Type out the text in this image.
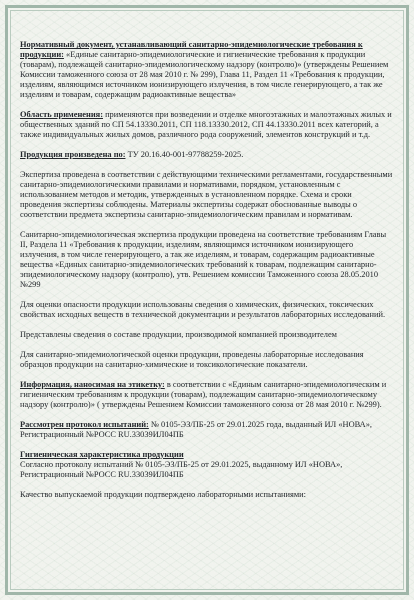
Нормативный документ, устанавливающий санитарно-эпидемиологические требования к продукции: «Единые санитарно-эпидемиологические и гигиенические требования к продукции (товарам), подлежащей санитарно-эпидемиологическому надзору (контролю)» (утверждены Решением Комиссии таможенного союза от 28 мая 2010 г. № 299), Глава 11, Раздел 11 «Требования к продукции, изделиям, являющимся источником ионизирующего излучения, в том числе генерирующего, а так же изделиям и товарам, содержащим радиоактивные вещества»

Область применения: применяются при возведении и отделке многоэтажных и малоэтажных жилых и общественных зданий по СП 54.13330.2011, СП 118.13330.2012, СП 44.13330.2011 всех категорий, а также индивидуальных жилых домов, различного рода сооружений, элементов конструкций и т.д.

Продукция произведена по: ТУ 20.16.40-001-97788259-2025.

Экспертиза проведена в соответствии с действующими техническими регламентами, государственными санитарно-эпидемиологическими правилами и нормативами, порядком, установленным с использованием методов и методик, утвержденных в установленном порядке. Схема и сроки проведения экспертизы соблюдены. Материалы экспертизы содержат обоснованные выводы о соответствии предмета экспертизы санитарно-эпидемиологическим правилам и нормативам.

Санитарно-эпидемиологическая экспертиза продукции проведена на соответствие требованиям Главы II, Раздела 11 «Требования к продукции, изделиям, являющимся источником ионизирующего излучения, в том числе генерирующего, а так же изделиям, и товарам, содержащим радиоактивные вещества «Единых санитарно-эпидемиологических требований к товарам, подлежащим санитарно-эпидемиологическому надзору (контролю), утв. Решением комиссии Таможенного союза 28.05.2010 №299

Для оценки опасности продукции использованы сведения о химических, физических, токсических свойствах исходных веществ в технической документации и результатов лабораторных исследований.

Представлены сведения о составе продукции, производимой компанией производителем

Для санитарно-эпидемиологической оценки продукции, проведены лабораторные исследования образцов продукции на санитарно-химические и токсикологические показатели.

Информация, наносимая на этикетку: в соответствии с «Единым санитарно-эпидемиологическим и гигиеническим требованиям к продукции (товарам), подлежащим санитарно-эпидемиологическому надзору (контролю)» ( утверждены Решением Комиссии таможенного союза от 28 мая 2010 г. №299).

Рассмотрен протокол испытаний: № 0105-ЭЗ/ПБ-25 от 29.01.2025 года, выданный ИЛ «НОВА», Регистрационный №РОСС RU.33039ИЛ04ПБ

Гигиеническая характеристика продукции

Согласно протоколу испытаний № 0105-ЭЗ/ПБ-25 от 29.01.2025, выданному ИЛ «НОВА», Регистрационный №РОСС RU.33039ИЛ04ПБ

Качество выпускаемой продукции подтверждено лабораторными испытаниями:
